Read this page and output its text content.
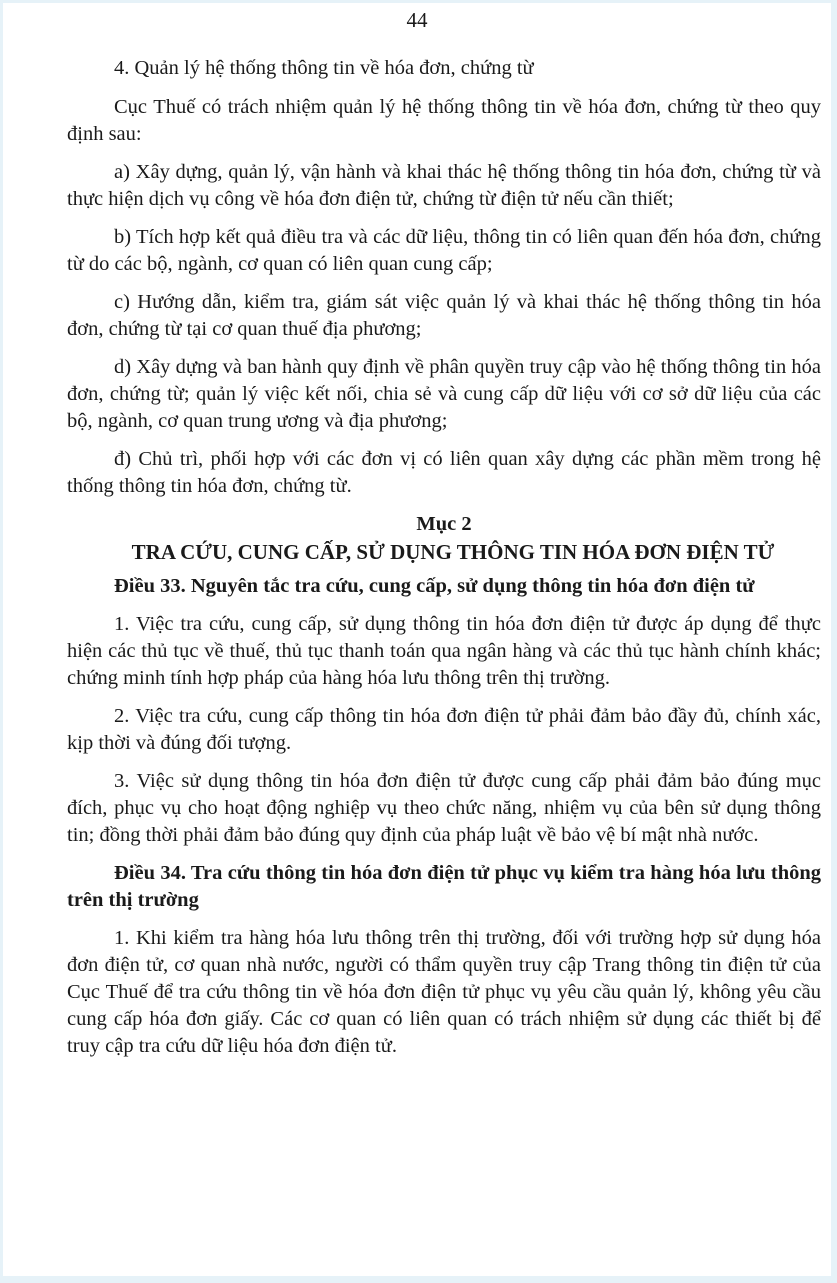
44

4. Quản lý hệ thống thông tin về hóa đơn, chứng từ

Cục Thuế có trách nhiệm quản lý hệ thống thông tin về hóa đơn, chứng từ theo quy định sau:

a) Xây dựng, quản lý, vận hành và khai thác hệ thống thông tin hóa đơn, chứng từ và thực hiện dịch vụ công về hóa đơn điện tử, chứng từ điện tử nếu cần thiết;

b) Tích hợp kết quả điều tra và các dữ liệu, thông tin có liên quan đến hóa đơn, chứng từ do các bộ, ngành, cơ quan có liên quan cung cấp;

c) Hướng dẫn, kiểm tra, giám sát việc quản lý và khai thác hệ thống thông tin hóa đơn, chứng từ tại cơ quan thuế địa phương;

d) Xây dựng và ban hành quy định về phân quyền truy cập vào hệ thống thông tin hóa đơn, chứng từ; quản lý việc kết nối, chia sẻ và cung cấp dữ liệu với cơ sở dữ liệu của các bộ, ngành, cơ quan trung ương và địa phương;

đ) Chủ trì, phối hợp với các đơn vị có liên quan xây dựng các phần mềm trong hệ thống thông tin hóa đơn, chứng từ.

Mục 2

TRA CỨU, CUNG CẤP, SỬ DỤNG THÔNG TIN HÓA ĐƠN ĐIỆN TỬ

Điều 33. Nguyên tắc tra cứu, cung cấp, sử dụng thông tin hóa đơn điện tử

1. Việc tra cứu, cung cấp, sử dụng thông tin hóa đơn điện tử được áp dụng để thực hiện các thủ tục về thuế, thủ tục thanh toán qua ngân hàng và các thủ tục hành chính khác; chứng minh tính hợp pháp của hàng hóa lưu thông trên thị trường.

2. Việc tra cứu, cung cấp thông tin hóa đơn điện tử phải đảm bảo đầy đủ, chính xác, kịp thời và đúng đối tượng.

3. Việc sử dụng thông tin hóa đơn điện tử được cung cấp phải đảm bảo đúng mục đích, phục vụ cho hoạt động nghiệp vụ theo chức năng, nhiệm vụ của bên sử dụng thông tin; đồng thời phải đảm bảo đúng quy định của pháp luật về bảo vệ bí mật nhà nước.

Điều 34. Tra cứu thông tin hóa đơn điện tử phục vụ kiểm tra hàng hóa lưu thông trên thị trường

1. Khi kiểm tra hàng hóa lưu thông trên thị trường, đối với trường hợp sử dụng hóa đơn điện tử, cơ quan nhà nước, người có thẩm quyền truy cập Trang thông tin điện tử của Cục Thuế để tra cứu thông tin về hóa đơn điện tử phục vụ yêu cầu quản lý, không yêu cầu cung cấp hóa đơn giấy. Các cơ quan có liên quan có trách nhiệm sử dụng các thiết bị để truy cập tra cứu dữ liệu hóa đơn điện tử.
